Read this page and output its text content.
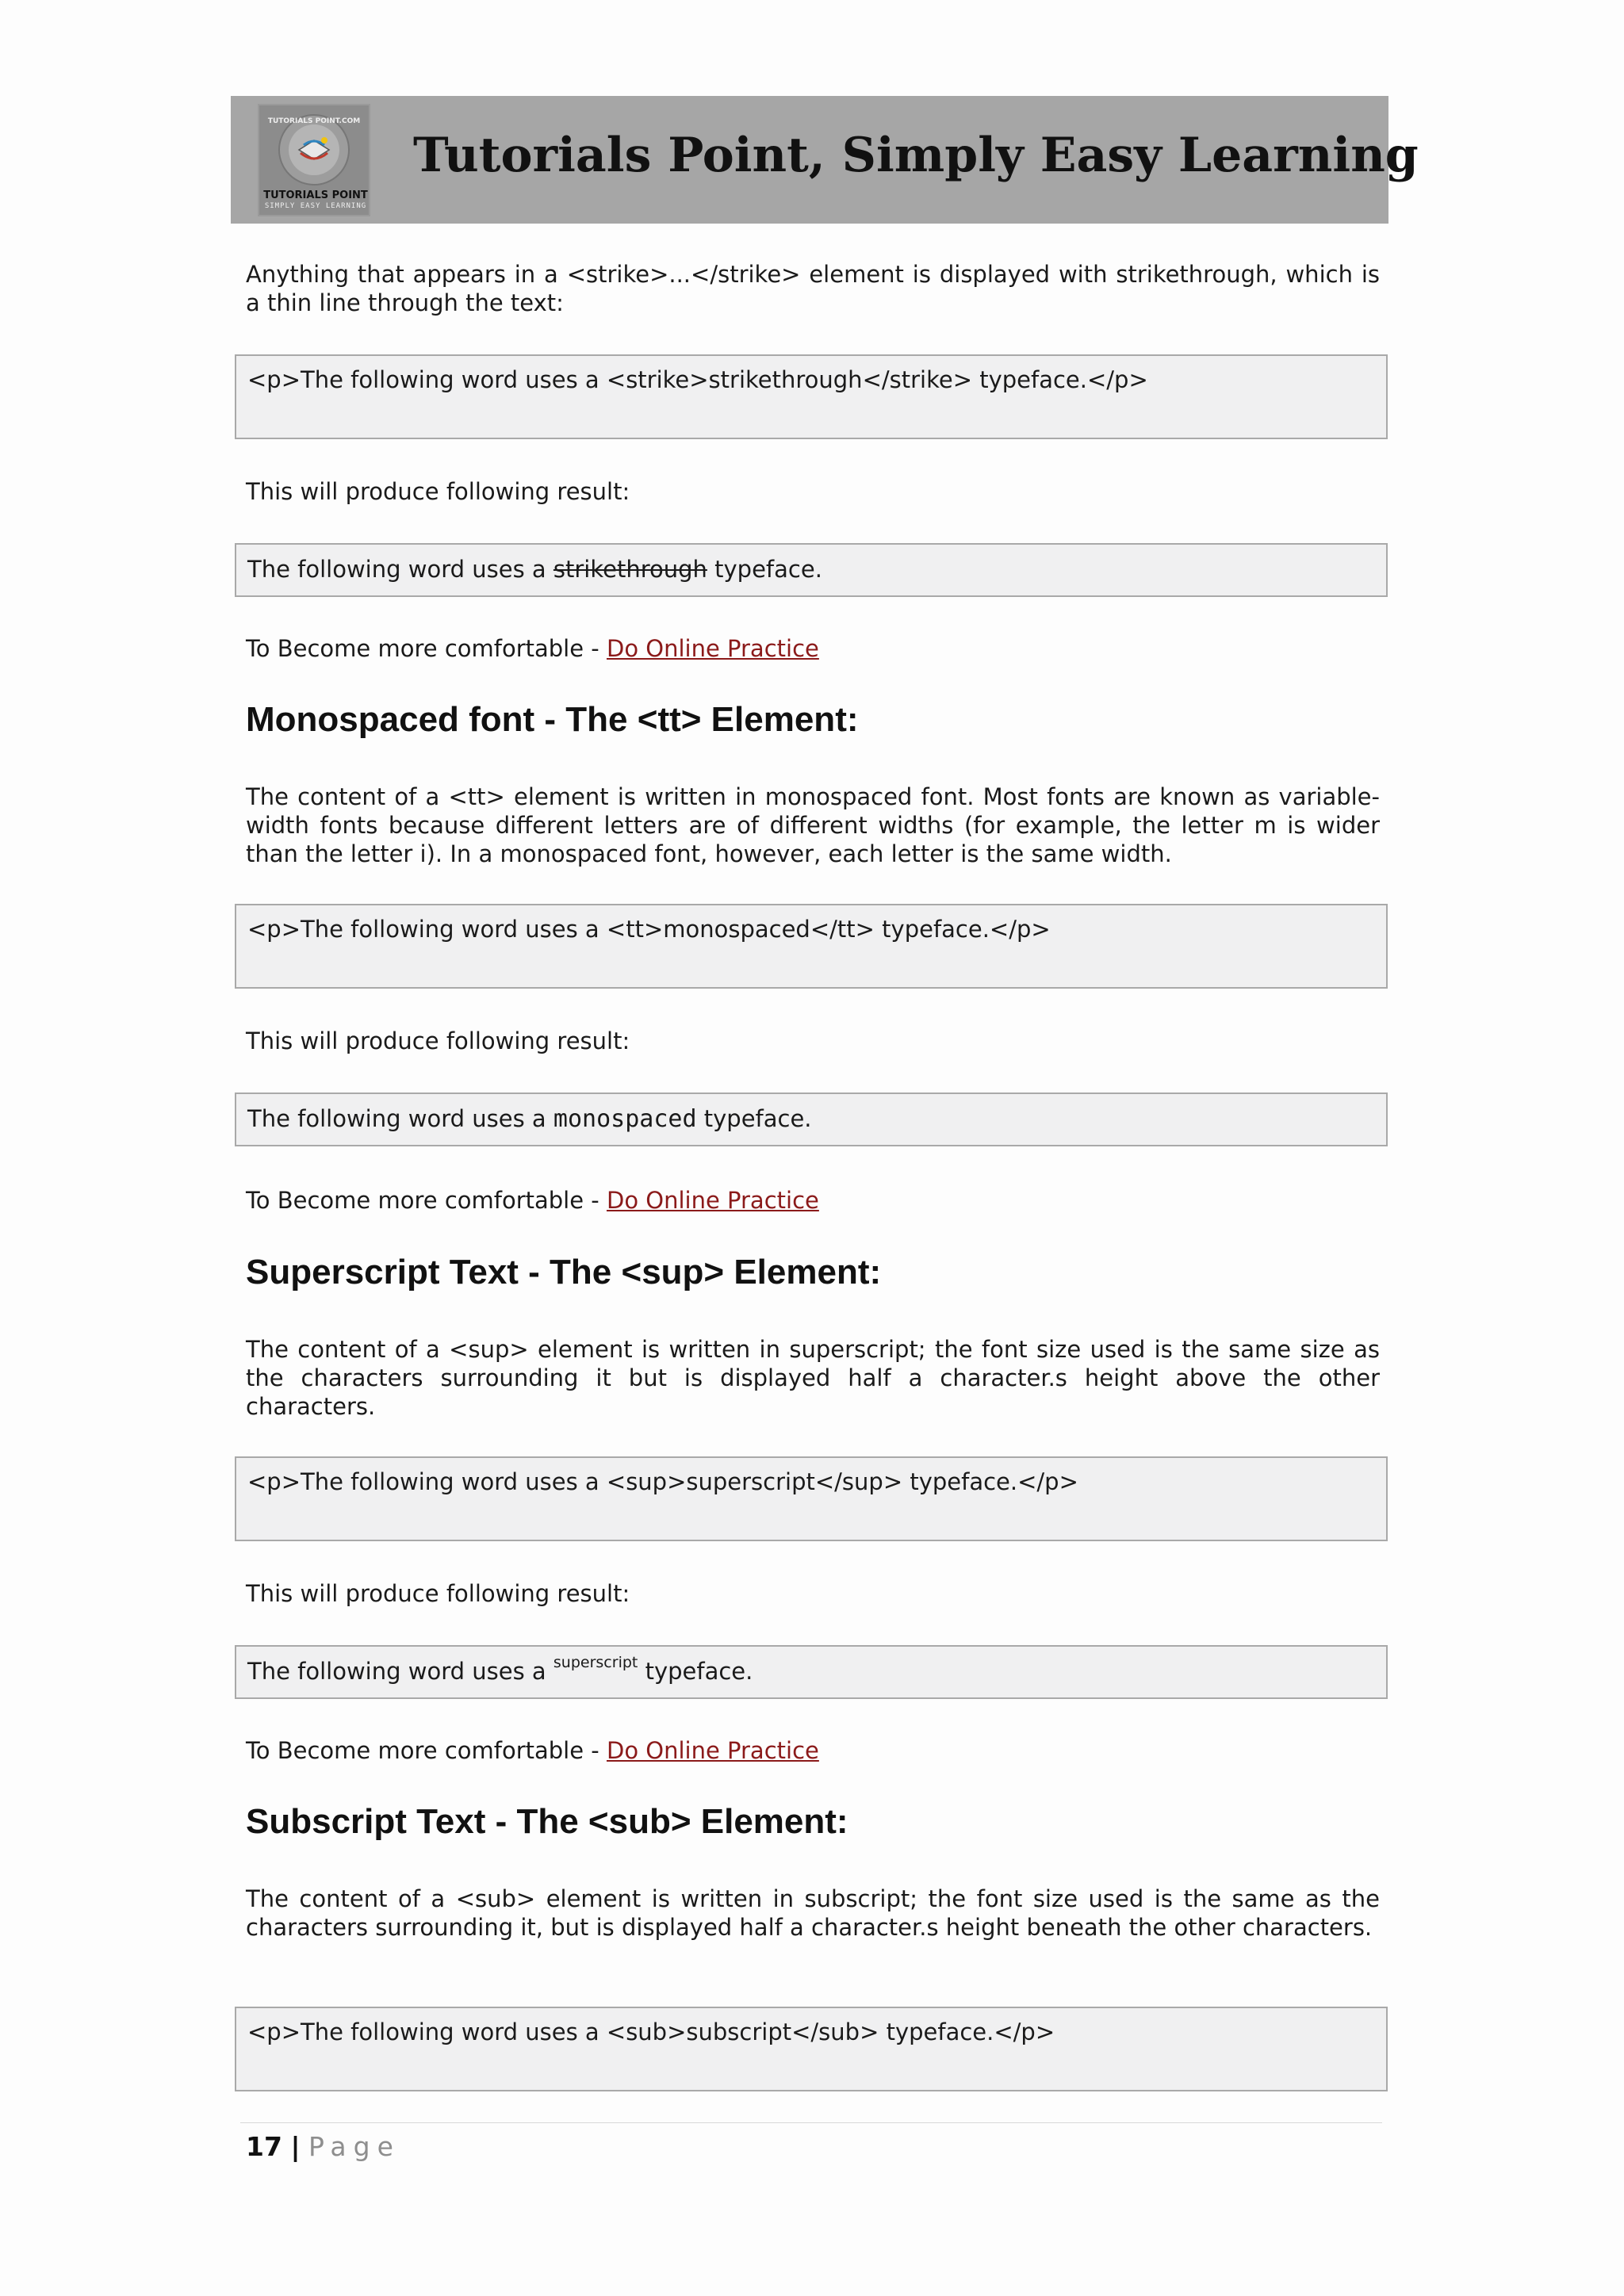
TUTORIALS POINT.COM
TUTORIALS POINT
SIMPLY EASY LEARNING
Tutorials Point, Simply Easy Learning

Anything that appears in a <strike>...</strike> element is displayed with strikethrough, which is a thin line through the text:

<p>The following word uses a <strike>strikethrough</strike> typeface.</p>

This will produce following result:

The following word uses a strikethrough typeface.

To Become more comfortable - Do Online Practice

Monospaced font - The <tt> Element:

The content of a <tt> element is written in monospaced font. Most fonts are known as variable-width fonts because different letters are of different widths (for example, the letter m is wider than the letter i). In a monospaced font, however, each letter is the same width.

<p>The following word uses a <tt>monospaced</tt> typeface.</p>

This will produce following result:

The following word uses a monospaced typeface.

To Become more comfortable - Do Online Practice

Superscript Text - The <sup> Element:

The content of a <sup> element is written in superscript; the font size used is the same size as the characters surrounding it but is displayed half a character.s height above the other characters.

<p>The following word uses a <sup>superscript</sup> typeface.</p>

This will produce following result:

The following word uses a $^{superscript}$ typeface.

To Become more comfortable - Do Online Practice

Subscript Text - The <sub> Element:

The content of a <sub> element is written in subscript; the font size used is the same as the characters surrounding it, but is displayed half a character.s height beneath the other characters.

<p>The following word uses a <sub>subscript</sub> typeface.</p>
17 | Page
